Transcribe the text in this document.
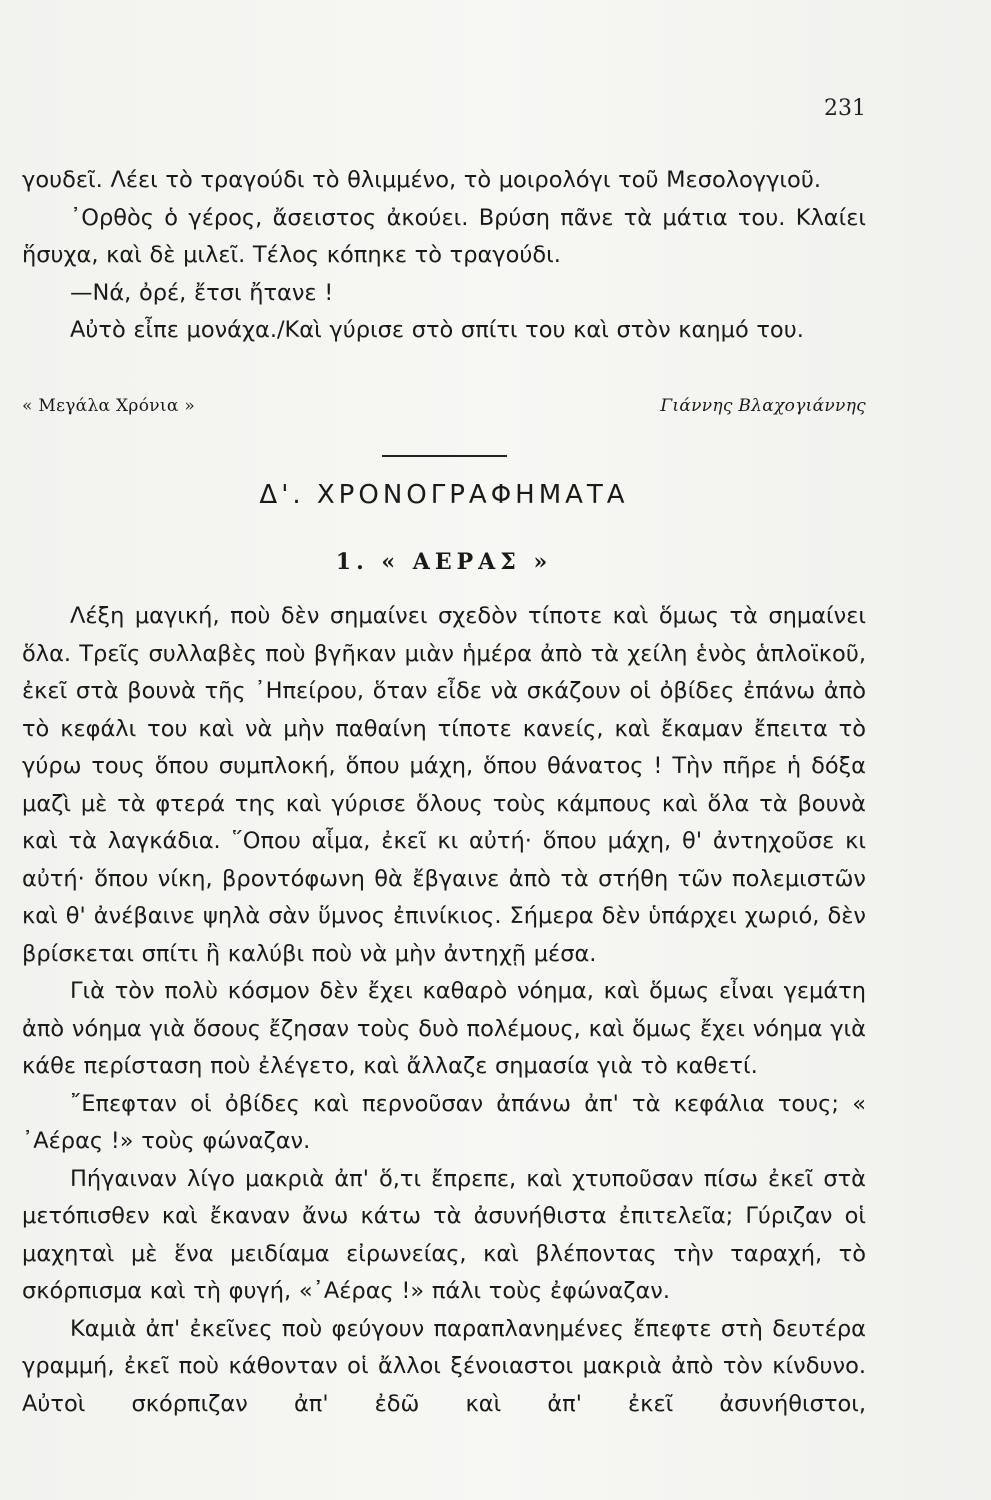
231

γουδεῖ. Λέει τὸ τραγούδι τὸ θλιμμένο, τὸ μοιρολόγι τοῦ Μεσολογγιοῦ.

᾿Ορθὸς ὁ γέρος, ἄσειστος ἀκούει. Βρύση πᾶνε τὰ μάτια του. Κλαίει ἥσυχα, καὶ δὲ μιλεῖ. Τέλος κόπηκε τὸ τραγούδι.

—Νά, ὀρέ, ἔτσι ἤτανε !

Αὐτὸ εἶπε μονάχα./Καὶ γύρισε στὸ σπίτι του καὶ στὸν καημό του.

« Μεγάλα Χρόνια »	Γιάννης Βλαχογιάννης
Δ'. ΧΡΟΝΟΓΡΑΦΗΜΑΤΑ
1. « ΑΕΡΑΣ »

Λέξη μαγική, ποὺ δὲν σημαίνει σχεδὸν τίποτε καὶ ὅμως τὰ σημαίνει ὅλα. Τρεῖς συλλαβὲς ποὺ βγῆκαν μιὰν ἡμέρα ἀπὸ τὰ χείλη ἑνὸς ἁπλοϊκοῦ, ἐκεῖ στὰ βουνὰ τῆς ᾿Ηπείρου, ὅταν εἶδε νὰ σκάζουν οἱ ὀβίδες ἐπάνω ἀπὸ τὸ κεφάλι του καὶ νὰ μὴν παθαίνη τίποτε κανείς, καὶ ἔκαμαν ἔπειτα τὸ γύρω τους ὅπου συμπλοκή, ὅπου μάχη, ὅπου θάνατος ! Τὴν πῆρε ἡ δόξα μαζὶ μὲ τὰ φτερά της καὶ γύρισε ὅλους τοὺς κάμπους καὶ ὅλα τὰ βουνὰ καὶ τὰ λαγκάδια. ῞Οπου αἷμα, ἐκεῖ κι αὐτή· ὅπου μάχη, θ' ἀντηχοῦσε κι αὐτή· ὅπου νίκη, βροντόφωνη θὰ ἔβγαινε ἀπὸ τὰ στήθη τῶν πολεμιστῶν καὶ θ' ἀνέβαινε ψηλὰ σὰν ὕμνος ἐπινίκιος. Σήμερα δὲν ὑπάρχει χωριό, δὲν βρίσκεται σπίτι ἢ καλύβι ποὺ νὰ μὴν ἀντηχῇ μέσα.

Γιὰ τὸν πολὺ κόσμον δὲν ἔχει καθαρὸ νόημα, καὶ ὅμως εἶναι γεμάτη ἀπὸ νόημα γιὰ ὅσους ἔζησαν τοὺς δυὸ πολέμους, καὶ ὅμως ἔχει νόημα γιὰ κάθε περίσταση ποὺ ἐλέγετο, καὶ ἄλλαζε σημασία γιὰ τὸ καθετί.

῎Επεφταν οἱ ὀβίδες καὶ περνοῦσαν ἀπάνω ἀπ' τὰ κεφάλια τους; « ᾿Αέρας !» τοὺς φώναζαν.

Πήγαιναν λίγο μακριὰ ἀπ' ὅ,τι ἔπρεπε, καὶ χτυποῦσαν πίσω ἐκεῖ στὰ μετόπισθεν καὶ ἔκαναν ἄνω κάτω τὰ ἀσυνήθιστα ἐπιτελεῖα; Γύριζαν οἱ μαχηταὶ μὲ ἕνα μειδίαμα εἰρωνείας, καὶ βλέποντας τὴν ταραχή, τὸ σκόρπισμα καὶ τὴ φυγή, «᾿Αέρας !» πάλι τοὺς ἐφώναζαν.

Καμιὰ ἀπ' ἐκεῖνες ποὺ φεύγουν παραπλανημένες ἔπεφτε στὴ δευτέρα γραμμή, ἐκεῖ ποὺ κάθονταν οἱ ἄλλοι ξένοιαστοι μακριὰ ἀπὸ τὸν κίνδυνο. Αὐτοὶ σκόρπιζαν ἀπ' ἐδῶ καὶ ἀπ' ἐκεῖ ἀσυνήθιστοι,
